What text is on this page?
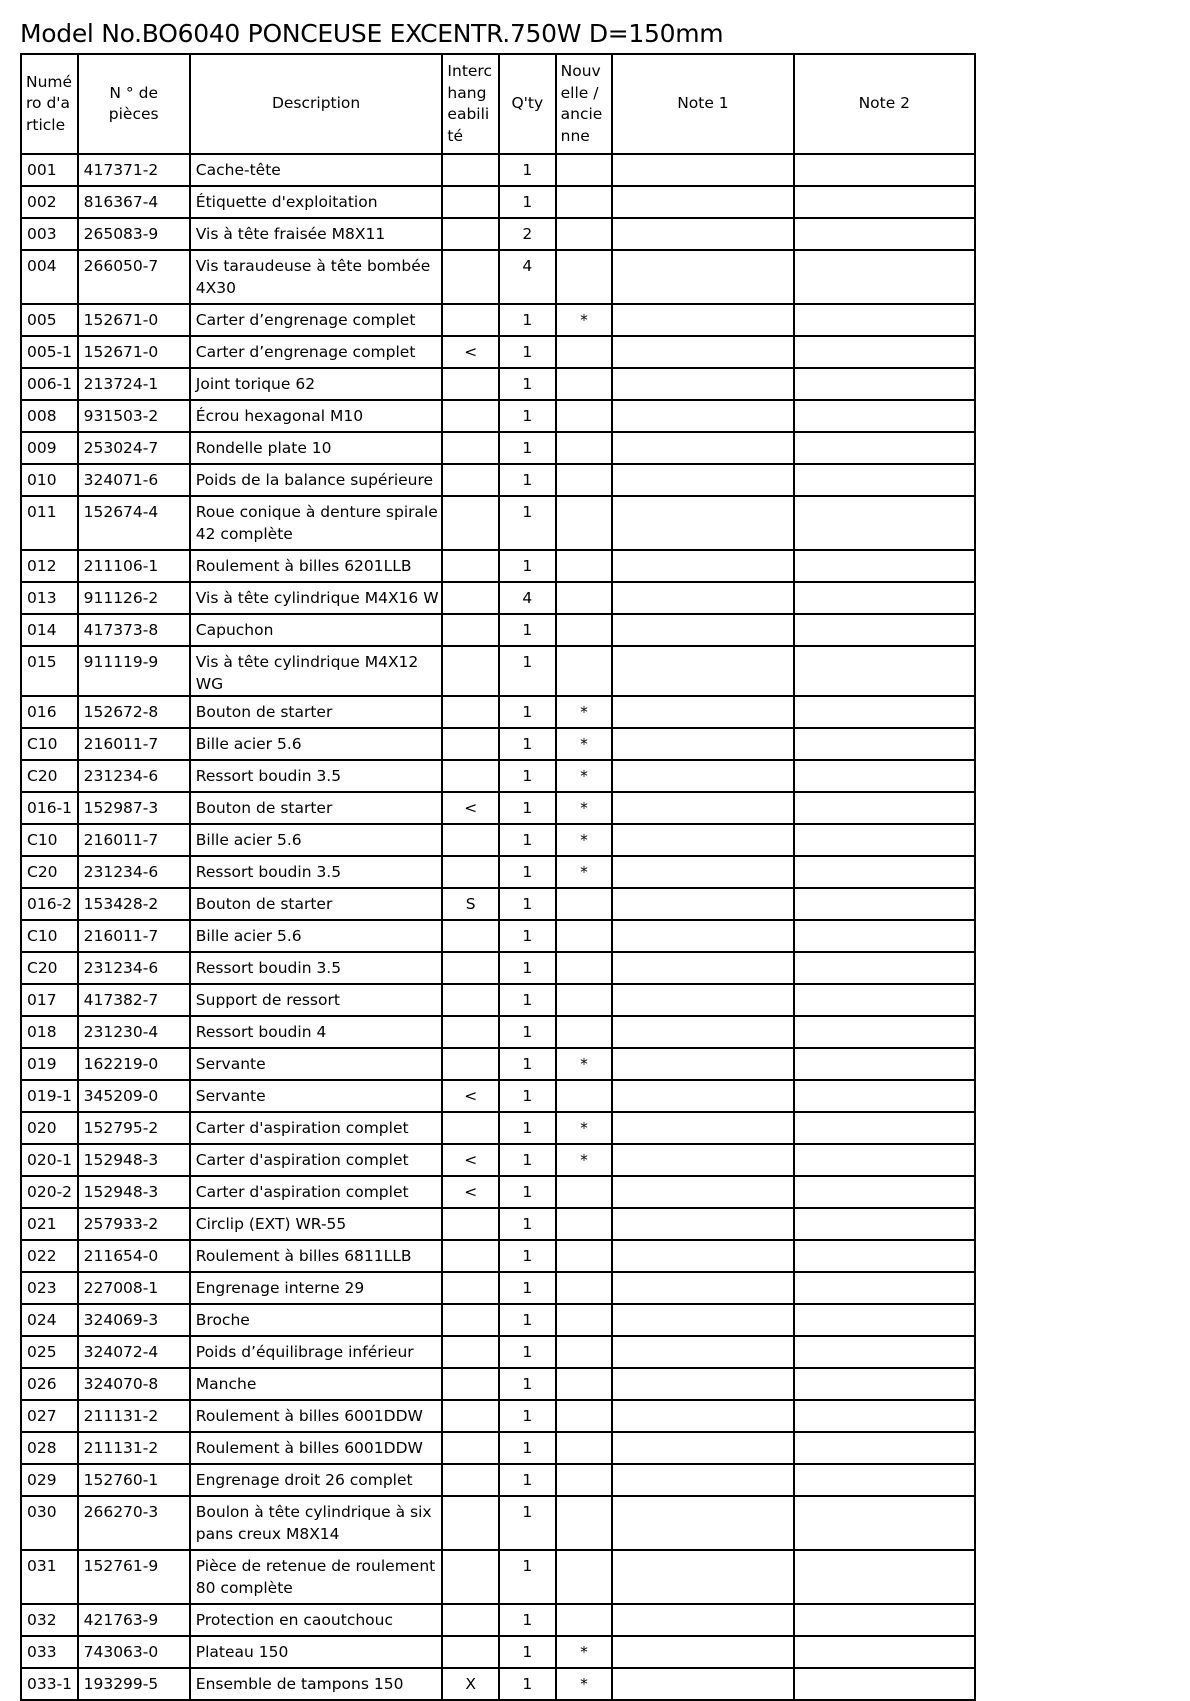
Model No.BO6040 PONCEUSE EXCENTR.750W D=150mm
Numéro d'article	N ° de pièces	Description	Interchangeabilité	Q'ty	Nouvelle / ancienne	Note 1	Note 2
001	417371-2	Cache-tête		1			
002	816367-4	Étiquette d'exploitation		1			
003	265083-9	Vis à tête fraisée M8X11		2			
004	266050-7	Vis taraudeuse à tête bombée 4X30		4			
005	152671-0	Carter d’engrenage complet		1	*		
005-1	152671-0	Carter d’engrenage complet	<	1			
006-1	213724-1	Joint torique 62		1			
008	931503-2	Écrou hexagonal M10		1			
009	253024-7	Rondelle plate 10		1			
010	324071-6	Poids de la balance supérieure		1			
011	152674-4	Roue conique à denture spirale 42 complète		1			
012	211106-1	Roulement à billes 6201LLB		1			
013	911126-2	Vis à tête cylindrique M4X16 W		4			
014	417373-8	Capuchon		1			
015	911119-9	Vis à tête cylindrique M4X12 WG		1			
016	152672-8	Bouton de starter		1	*		
C10	216011-7	Bille acier 5.6		1	*		
C20	231234-6	Ressort boudin 3.5		1	*		
016-1	152987-3	Bouton de starter	<	1	*		
C10	216011-7	Bille acier 5.6		1	*		
C20	231234-6	Ressort boudin 3.5		1	*		
016-2	153428-2	Bouton de starter	S	1			
C10	216011-7	Bille acier 5.6		1			
C20	231234-6	Ressort boudin 3.5		1			
017	417382-7	Support de ressort		1			
018	231230-4	Ressort boudin 4		1			
019	162219-0	Servante		1	*		
019-1	345209-0	Servante	<	1			
020	152795-2	Carter d'aspiration complet		1	*		
020-1	152948-3	Carter d'aspiration complet	<	1	*		
020-2	152948-3	Carter d'aspiration complet	<	1			
021	257933-2	Circlip (EXT) WR-55		1			
022	211654-0	Roulement à billes 6811LLB		1			
023	227008-1	Engrenage interne 29		1			
024	324069-3	Broche		1			
025	324072-4	Poids d’équilibrage inférieur		1			
026	324070-8	Manche		1			
027	211131-2	Roulement à billes 6001DDW		1			
028	211131-2	Roulement à billes 6001DDW		1			
029	152760-1	Engrenage droit 26 complet		1			
030	266270-3	Boulon à tête cylindrique à six pans creux M8X14		1			
031	152761-9	Pièce de retenue de roulement 80 complète		1			
032	421763-9	Protection en caoutchouc		1			
033	743063-0	Plateau 150		1	*		
033-1	193299-5	Ensemble de tampons 150	X	1	*		
